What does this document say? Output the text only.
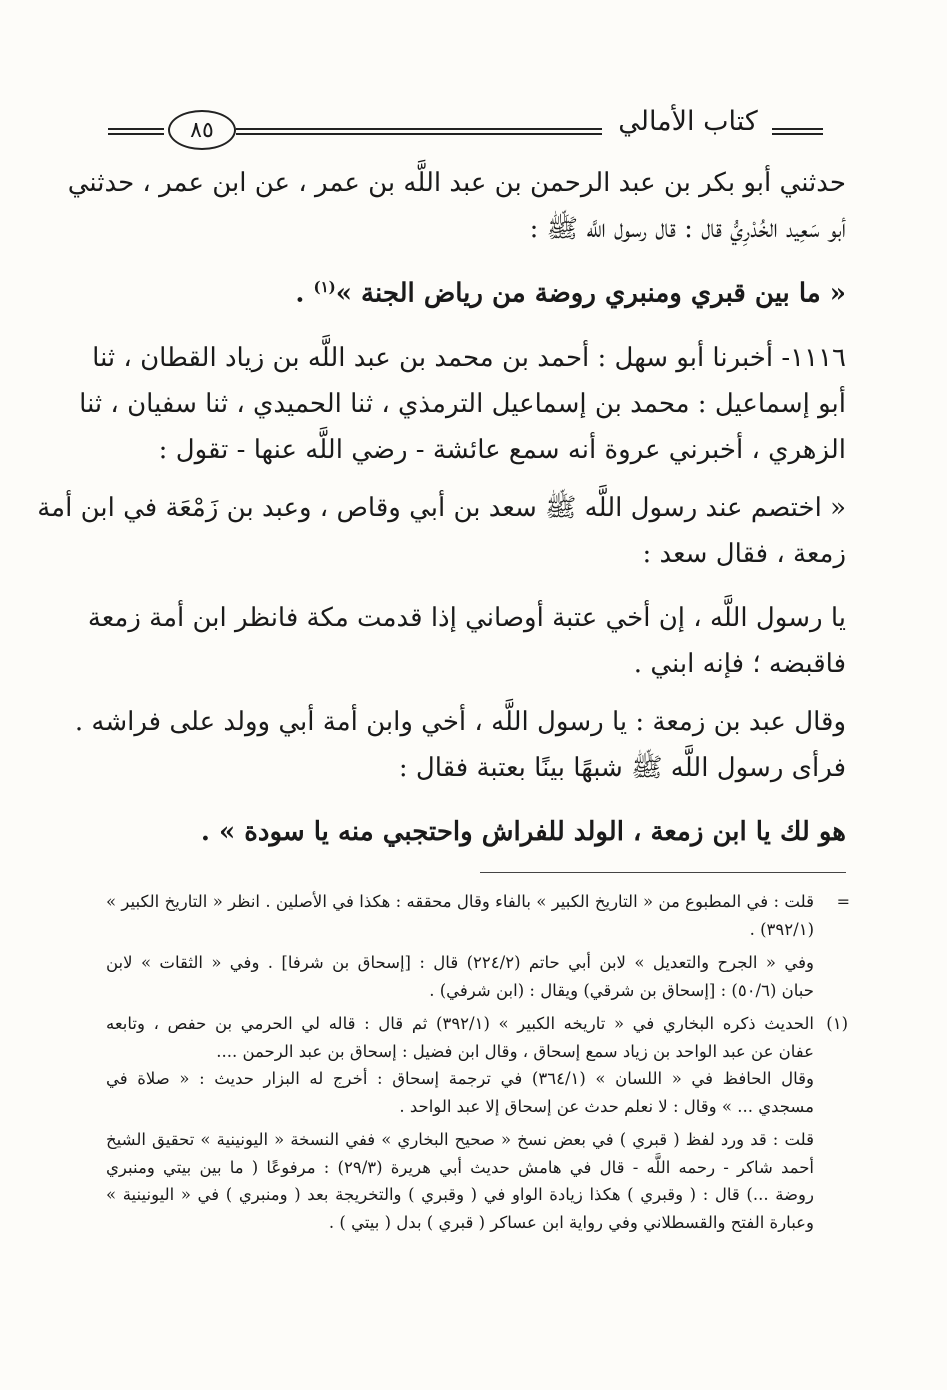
٨٥	كتاب الأمالي

حدثني أبو بكر بن عبد الرحمن بن عبد اللَّه بن عمر ، عن ابن عمر ، حدثني

أبو سَعِيد الخُدْرِيُّ قال : قال رسول اللَّه ﷺ :

« ما بين قبري ومنبري روضة من رياض الجنة »$^{(١)}$ .

١١١٦- أخبرنا أبو سهل : أحمد بن محمد بن عبد اللَّه بن زياد القطان ، ثنا

أبو إسماعيل : محمد بن إسماعيل الترمذي ، ثنا الحميدي ، ثنا سفيان ، ثنا

الزهري ، أخبرني عروة أنه سمع عائشة - رضي اللَّه عنها - تقول :

« اختصم عند رسول اللَّه ﷺ سعد بن أبي وقاص ، وعبد بن زَمْعَة في ابن أمة

زمعة ، فقال سعد :

يا رسول اللَّه ، إن أخي عتبة أوصاني إذا قدمت مكة فانظر ابن أمة زمعة

فاقبضه ؛ فإنه ابني .

وقال عبد بن زمعة : يا رسول اللَّه ، أخي وابن أمة أبي وولد على فراشه .

فرأى رسول اللَّه ﷺ شبهًا بينًا بعتبة فقال :

هو لك يا ابن زمعة ، الولد للفراش واحتجبي منه يا سودة » .

=

قلت : في المطبوع من « التاريخ الكبير » بالفاء وقال محققه : هكذا في الأصلين . انظر « التاريخ الكبير »

(٣٩٢/١) .

وفي « الجرح والتعديل » لابن أبي حاتم (٢٢٤/٢) قال : [إسحاق بن شرفا] . وفي « الثقات » لابن

حبان (٥٠/٦) : [إسحاق بن شرقي) ويقال : (ابن شرفي) .

(١)

الحديث ذكره البخاري في « تاريخه الكبير » (٣٩٢/١) ثم قال : قاله لي الحرمي بن حفص ، وتابعه

عفان عن عبد الواحد بن زياد سمع إسحاق ، وقال ابن فضيل : إسحاق بن عبد الرحمن ....

وقال الحافظ في « اللسان » (٣٦٤/١) في ترجمة إسحاق : أخرج له البزار حديث : « صلاة في

مسجدي ... » وقال : لا نعلم حدث عن إسحاق إلا عبد الواحد .

قلت : قد ورد لفظ ( قبري ) في بعض نسخ « صحيح البخاري » ففي النسخة « اليونينية » تحقيق الشيخ

أحمد شاكر - رحمه اللَّه - قال في هامش حديث أبي هريرة (٢٩/٣) : مرفوعًا ( ما بين بيتي ومنبري

روضة ...) قال : ( وقبري ) هكذا زيادة الواو في ( وقبري ) والتخريجة بعد ( ومنبري ) في « اليونينية »

وعبارة الفتح والقسطلاني وفي رواية ابن عساكر ( قبري ) بدل ( بيتي ) .
